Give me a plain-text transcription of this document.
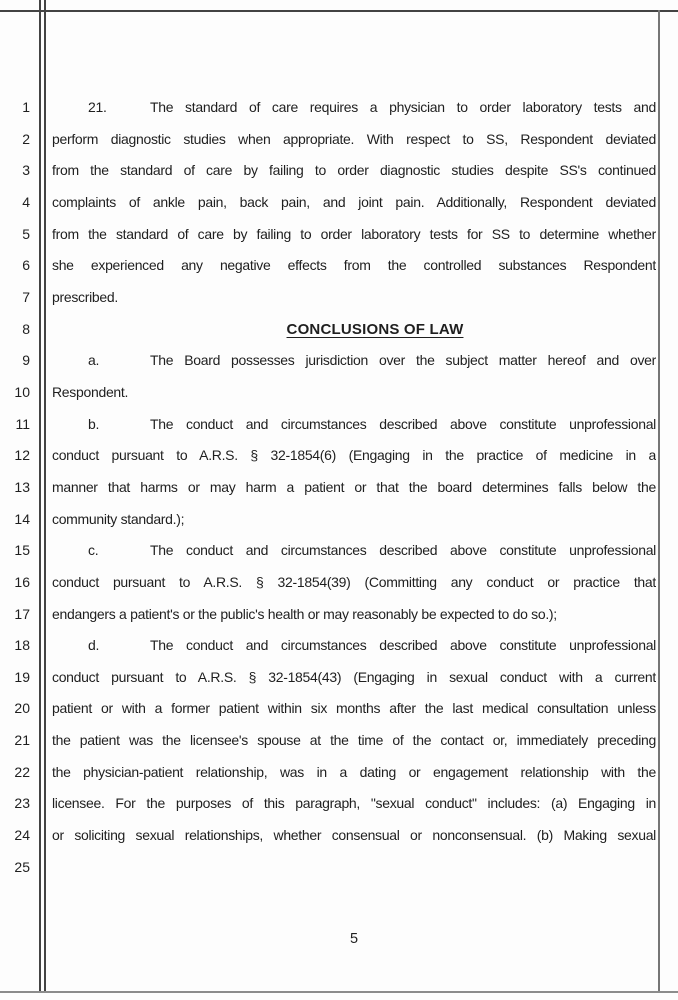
1
2
3
4
5
6
7
8
9
10
11
12
13
14
15
16
17
18
19
20
21
22
23
24
25
21.	The standard of care requires a physician to order laboratory tests and
perform diagnostic studies when appropriate. With respect to SS, Respondent deviated
from the standard of care by failing to order diagnostic studies despite SS's continued
complaints of ankle pain, back pain, and joint pain. Additionally, Respondent deviated
from the standard of care by failing to order laboratory tests for SS to determine whether
she experienced any negative effects from the controlled substances Respondent
prescribed.
CONCLUSIONS OF LAW
a.	The Board possesses jurisdiction over the subject matter hereof and over
Respondent.
b.	The conduct and circumstances described above constitute unprofessional
conduct pursuant to A.R.S. § 32-1854(6) (Engaging in the practice of medicine in a
manner that harms or may harm a patient or that the board determines falls below the
community standard.);
c.	The conduct and circumstances described above constitute unprofessional
conduct pursuant to A.R.S. § 32-1854(39) (Committing any conduct or practice that
endangers a patient's or the public's health or may reasonably be expected to do so.);
d.	The conduct and circumstances described above constitute unprofessional
conduct pursuant to A.R.S. § 32-1854(43) (Engaging in sexual conduct with a current
patient or with a former patient within six months after the last medical consultation unless
the patient was the licensee's spouse at the time of the contact or, immediately preceding
the physician-patient relationship, was in a dating or engagement relationship with the
licensee. For the purposes of this paragraph, "sexual conduct" includes: (a) Engaging in
or soliciting sexual relationships, whether consensual or nonconsensual. (b) Making sexual
5
